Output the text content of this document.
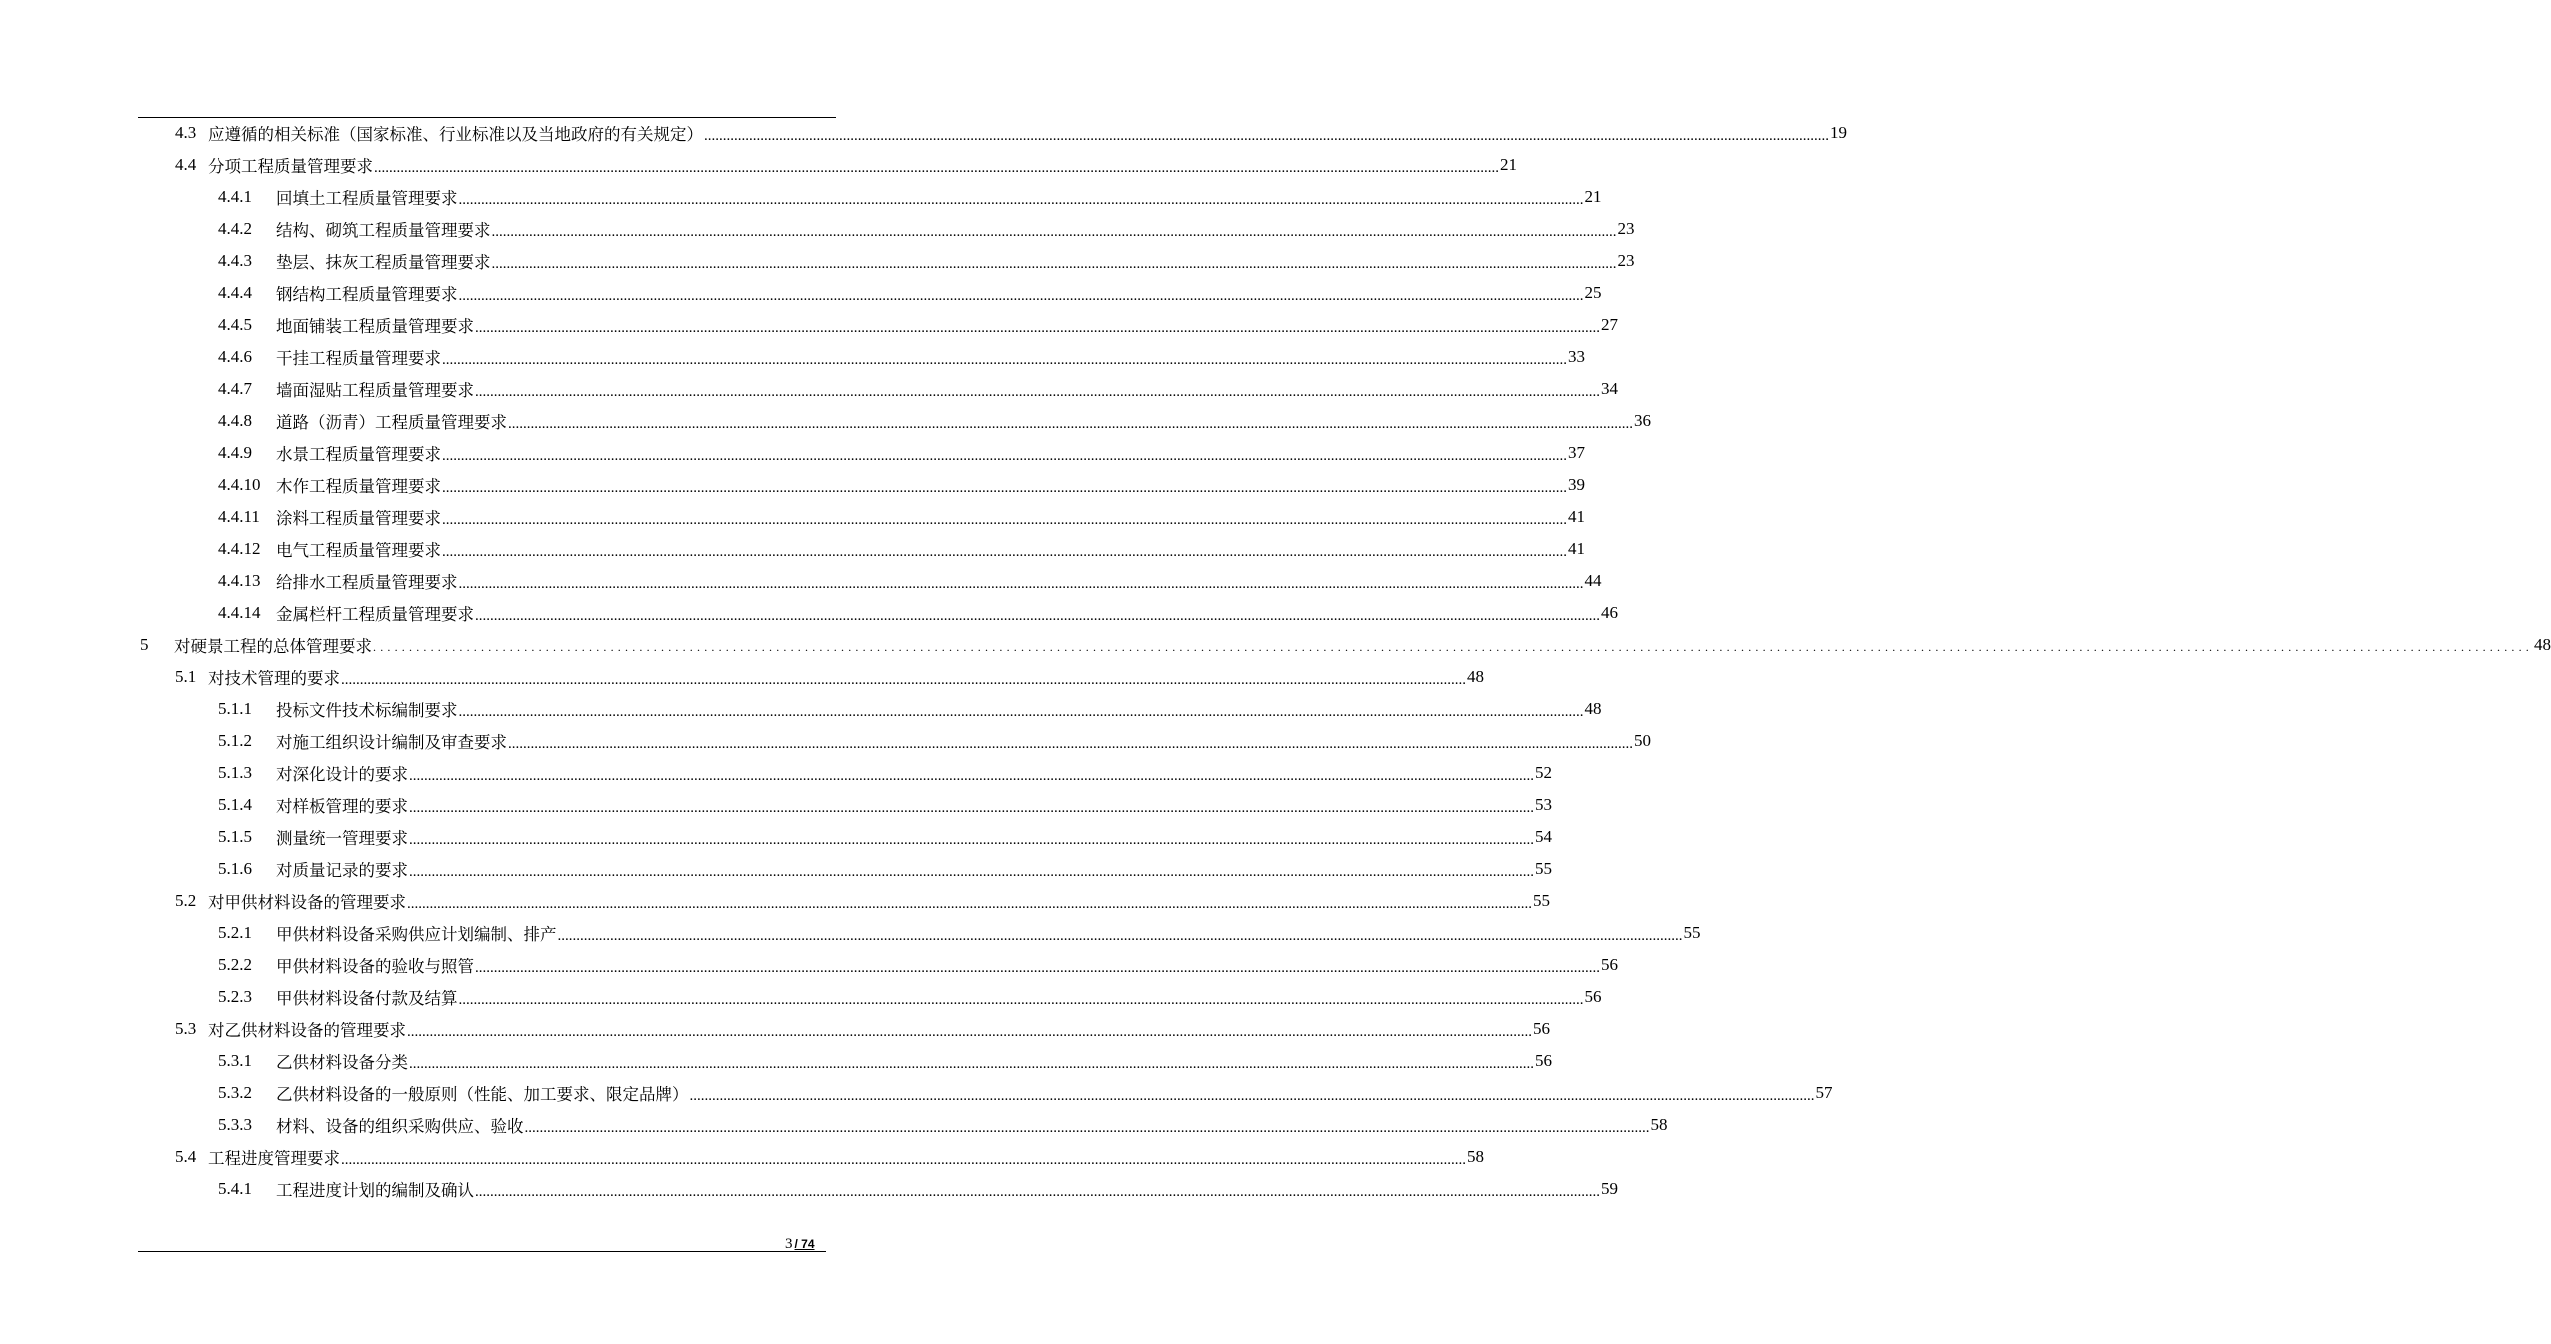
4.3 应遵循的相关标准（国家标准、行业标准以及当地政府的有关规定） ............................................................................................................................................................................................................................................................................................................ 19
4.4 分项工程质量管理要求 ............................................................................................................................................................................................................................................................................................................ 21
4.4.1	回填土工程质量管理要求 ............................................................................................................................................................................................................................................................................................................ 21
4.4.2	结构、砌筑工程质量管理要求 ............................................................................................................................................................................................................................................................................................................ 23
4.4.3	垫层、抹灰工程质量管理要求 ............................................................................................................................................................................................................................................................................................................ 23
4.4.4	钢结构工程质量管理要求 ............................................................................................................................................................................................................................................................................................................ 25
4.4.5	地面铺装工程质量管理要求 ............................................................................................................................................................................................................................................................................................................ 27
4.4.6	干挂工程质量管理要求 ............................................................................................................................................................................................................................................................................................................ 33
4.4.7	墙面湿贴工程质量管理要求 ............................................................................................................................................................................................................................................................................................................ 34
4.4.8	道路（沥青）工程质量管理要求 ............................................................................................................................................................................................................................................................................................................ 36
4.4.9	水景工程质量管理要求 ............................................................................................................................................................................................................................................................................................................ 37
4.4.10 木作工程质量管理要求 ............................................................................................................................................................................................................................................................................................................ 39
4.4.11 涂料工程质量管理要求 ............................................................................................................................................................................................................................................................................................................ 41
4.4.12 电气工程质量管理要求 ............................................................................................................................................................................................................................................................................................................ 41
4.4.13 给排水工程质量管理要求 ............................................................................................................................................................................................................................................................................................................ 44
4.4.14 金属栏杆工程质量管理要求 ............................................................................................................................................................................................................................................................................................................ 46
5	对硬景工程的总体管理要求 ............................................................................................................................................................................................................................................................................................................ 48
5.1 对技术管理的要求 ............................................................................................................................................................................................................................................................................................................ 48
5.1.1	投标文件技术标编制要求 ............................................................................................................................................................................................................................................................................................................ 48
5.1.2	对施工组织设计编制及审查要求 ............................................................................................................................................................................................................................................................................................................ 50
5.1.3	对深化设计的要求 ............................................................................................................................................................................................................................................................................................................ 52
5.1.4	对样板管理的要求 ............................................................................................................................................................................................................................................................................................................ 53
5.1.5	测量统一管理要求 ............................................................................................................................................................................................................................................................................................................ 54
5.1.6	对质量记录的要求 ............................................................................................................................................................................................................................................................................................................ 55
5.2 对甲供材料设备的管理要求 ............................................................................................................................................................................................................................................................................................................ 55
5.2.1	甲供材料设备采购供应计划编制、排产 ............................................................................................................................................................................................................................................................................................................ 55
5.2.2	甲供材料设备的验收与照管 ............................................................................................................................................................................................................................................................................................................ 56
5.2.3	甲供材料设备付款及结算 ............................................................................................................................................................................................................................................................................................................ 56
5.3 对乙供材料设备的管理要求 ............................................................................................................................................................................................................................................................................................................ 56
5.3.1	乙供材料设备分类 ............................................................................................................................................................................................................................................................................................................ 56
5.3.2	乙供材料设备的一般原则（性能、加工要求、限定品牌） ............................................................................................................................................................................................................................................................................................................ 57
5.3.3	材料、设备的组织采购供应、验收 ............................................................................................................................................................................................................................................................................................................ 58
5.4 工程进度管理要求 ............................................................................................................................................................................................................................................................................................................ 58
5.4.1	工程进度计划的编制及确认 ............................................................................................................................................................................................................................................................................................................ 59
3 / 74
